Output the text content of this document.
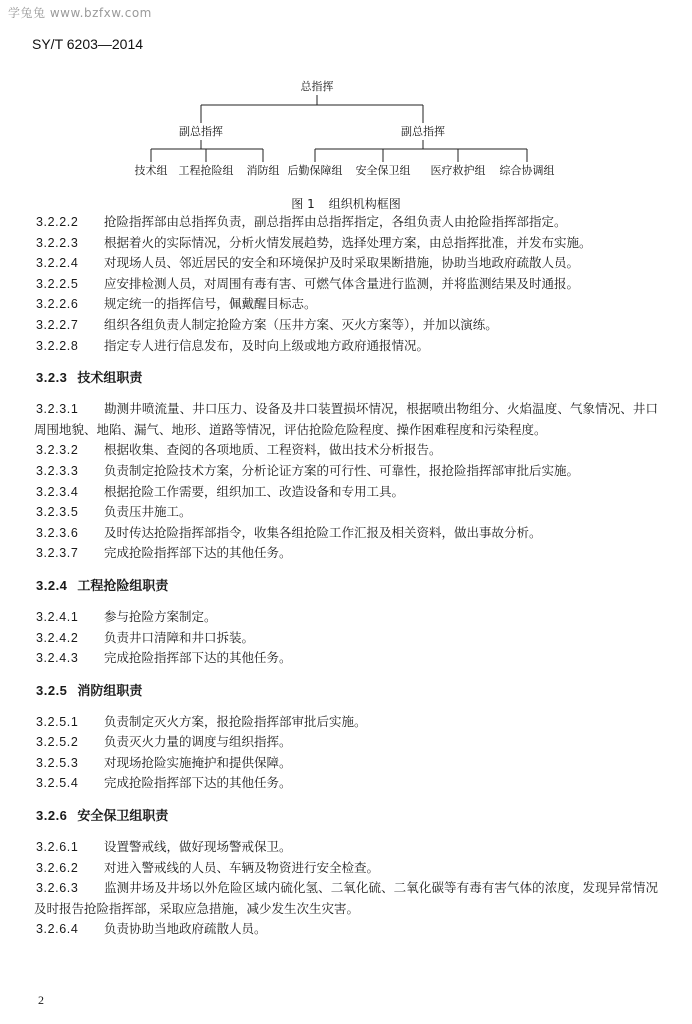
学兔兔 www.bzfxw.com
SY/T 6203—2014
总指挥
副总指挥	副总指挥
技术组 工程抢险组 消防组 后勤保障组 安全保卫组 医疗救护组 综合协调组
图 1 组织机构框图
3.2.2.2 抢险指挥部由总指挥负责，副总指挥由总指挥指定，各组负责人由抢险指挥部指定。
3.2.2.3 根据着火的实际情况，分析火情发展趋势，选择处理方案，由总指挥批准，并发布实施。
3.2.2.4 对现场人员、邻近居民的安全和环境保护及时采取果断措施，协助当地政府疏散人员。
3.2.2.5 应安排检测人员，对周围有毒有害、可燃气体含量进行监测，并将监测结果及时通报。
3.2.2.6 规定统一的指挥信号，佩戴醒目标志。
3.2.2.7 组织各组负责人制定抢险方案（压井方案、灭火方案等），并加以演练。
3.2.2.8 指定专人进行信息发布，及时向上级或地方政府通报情况。
3.2.3 技术组职责
3.2.3.1 勘测井喷流量、井口压力、设备及井口装置损坏情况，根据喷出物组分、火焰温度、气象情况、井口周围地貌、地陷、漏气、地形、道路等情况，评估抢险危险程度、操作困难程度和污染程度。
3.2.3.2 根据收集、查阅的各项地质、工程资料，做出技术分析报告。
3.2.3.3 负责制定抢险技术方案，分析论证方案的可行性、可靠性，报抢险指挥部审批后实施。
3.2.3.4 根据抢险工作需要，组织加工、改造设备和专用工具。
3.2.3.5 负责压井施工。
3.2.3.6 及时传达抢险指挥部指令，收集各组抢险工作汇报及相关资料，做出事故分析。
3.2.3.7 完成抢险指挥部下达的其他任务。
3.2.4 工程抢险组职责
3.2.4.1 参与抢险方案制定。
3.2.4.2 负责井口清障和井口拆装。
3.2.4.3 完成抢险指挥部下达的其他任务。
3.2.5 消防组职责
3.2.5.1 负责制定灭火方案，报抢险指挥部审批后实施。
3.2.5.2 负责灭火力量的调度与组织指挥。
3.2.5.3 对现场抢险实施掩护和提供保障。
3.2.5.4 完成抢险指挥部下达的其他任务。
3.2.6 安全保卫组职责
3.2.6.1 设置警戒线，做好现场警戒保卫。
3.2.6.2 对进入警戒线的人员、车辆及物资进行安全检查。
3.2.6.3 监测井场及井场以外危险区域内硫化氢、二氧化硫、二氧化碳等有毒有害气体的浓度，发现异常情况及时报告抢险指挥部，采取应急措施，减少发生次生灾害。
3.2.6.4 负责协助当地政府疏散人员。
2
